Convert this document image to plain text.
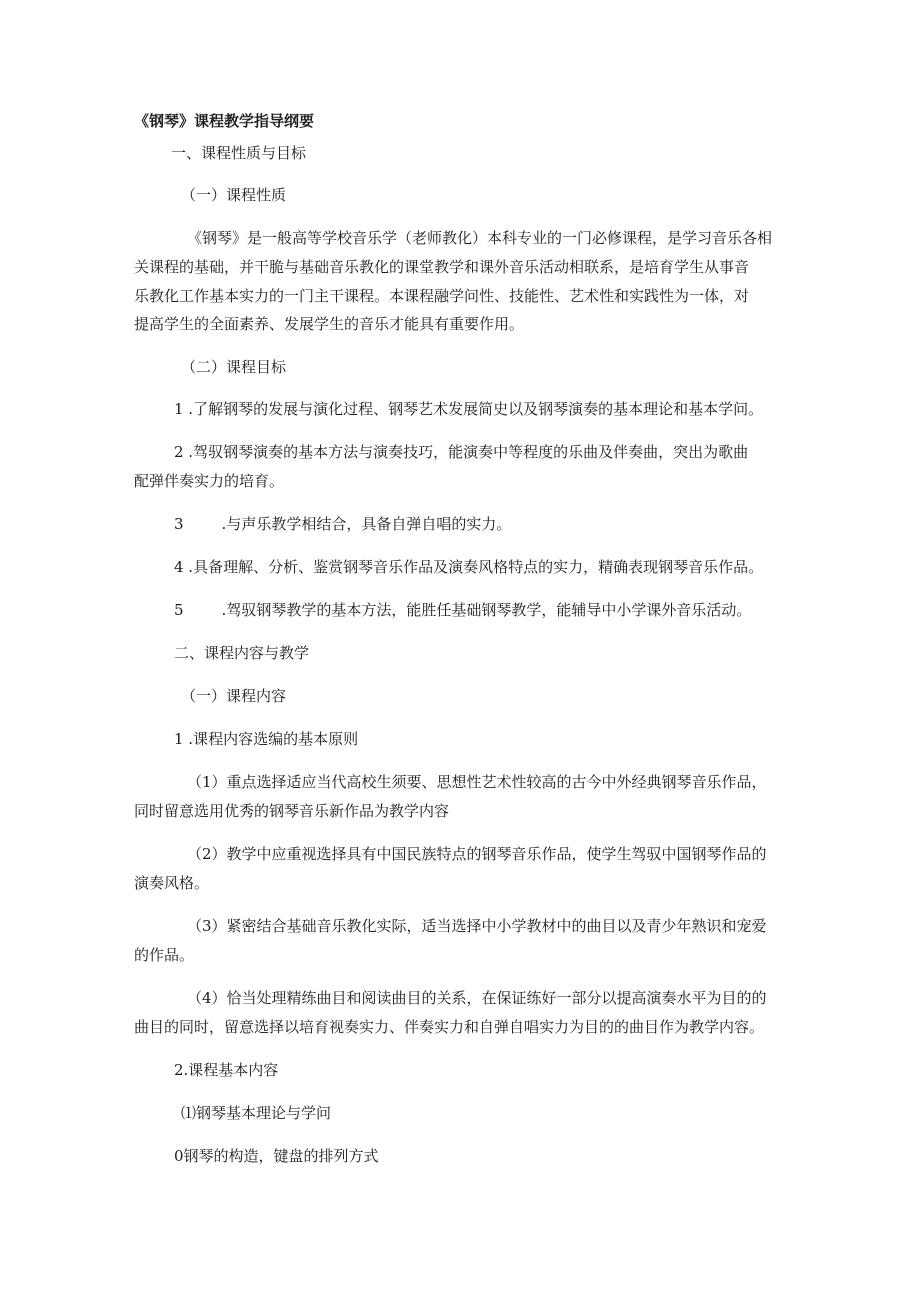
《钢琴》课程教学指导纲要

一、课程性质与目标

（一）课程性质

《钢琴》是一般高等学校音乐学（老师教化）本科专业的一门必修课程，是学习音乐各相

关课程的基础，并干脆与基础音乐教化的课堂教学和课外音乐活动相联系，是培育学生从事音

乐教化工作基本实力的一门主干课程。本课程融学问性、技能性、艺术性和实践性为一体，对

提高学生的全面素养、发展学生的音乐才能具有重要作用。

（二）课程目标

1 .了解钢琴的发展与演化过程、钢琴艺术发展简史以及钢琴演奏的基本理论和基本学问。

2 .驾驭钢琴演奏的基本方法与演奏技巧，能演奏中等程度的乐曲及伴奏曲，突出为歌曲

配弹伴奏实力的培育。

3	.与声乐教学相结合，具备自弹自唱的实力。

4 .具备理解、分析、鉴赏钢琴音乐作品及演奏风格特点的实力，精确表现钢琴音乐作品。

5	.驾驭钢琴教学的基本方法，能胜任基础钢琴教学，能辅导中小学课外音乐活动。

二、课程内容与教学

（一）课程内容

1 .课程内容选编的基本原则

（1）重点选择适应当代高校生须要、思想性艺术性较高的古今中外经典钢琴音乐作品，

同时留意选用优秀的钢琴音乐新作品为教学内容

（2）教学中应重视选择具有中国民族特点的钢琴音乐作品，使学生驾驭中国钢琴作品的

演奏风格。

（3）紧密结合基础音乐教化实际，适当选择中小学教材中的曲目以及青少年熟识和宠爱

的作品。

（4）恰当处理精练曲目和阅读曲目的关系，在保证练好一部分以提高演奏水平为目的的

曲目的同时，留意选择以培育视奏实力、伴奏实力和自弹自唱实力为目的的曲目作为教学内容。

2.课程基本内容

⑴钢琴基本理论与学问

0钢琴的构造，键盘的排列方式
